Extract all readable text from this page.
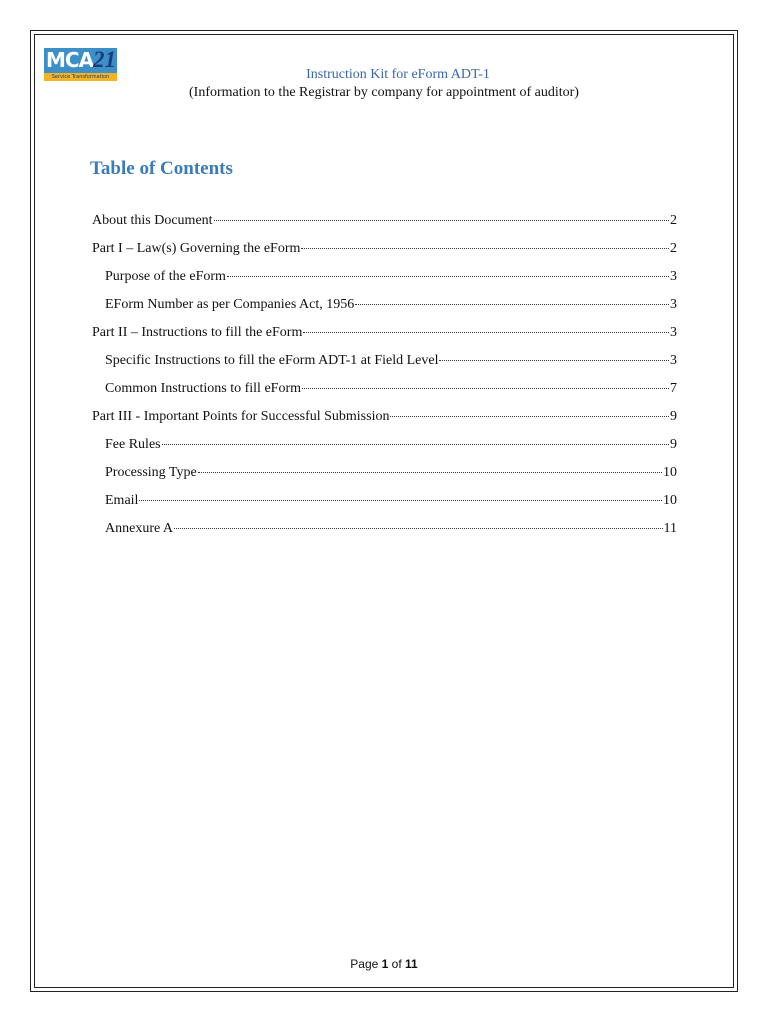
MCA 21
Service Transformation	Instruction Kit for eForm ADT-1
(Information to the Registrar by company for appointment of auditor)
Table of Contents
About this Document	2
Part I – Law(s) Governing the eForm	2
Purpose of the eForm	3
EForm Number as per Companies Act, 1956	3
Part II – Instructions to fill the eForm	3
Specific Instructions to fill the eForm ADT-1 at Field Level	3
Common Instructions to fill eForm	7
Part III - Important Points for Successful Submission	9
Fee Rules	9
Processing Type	10
Email	10
Annexure A	11
Page 1 of 11
